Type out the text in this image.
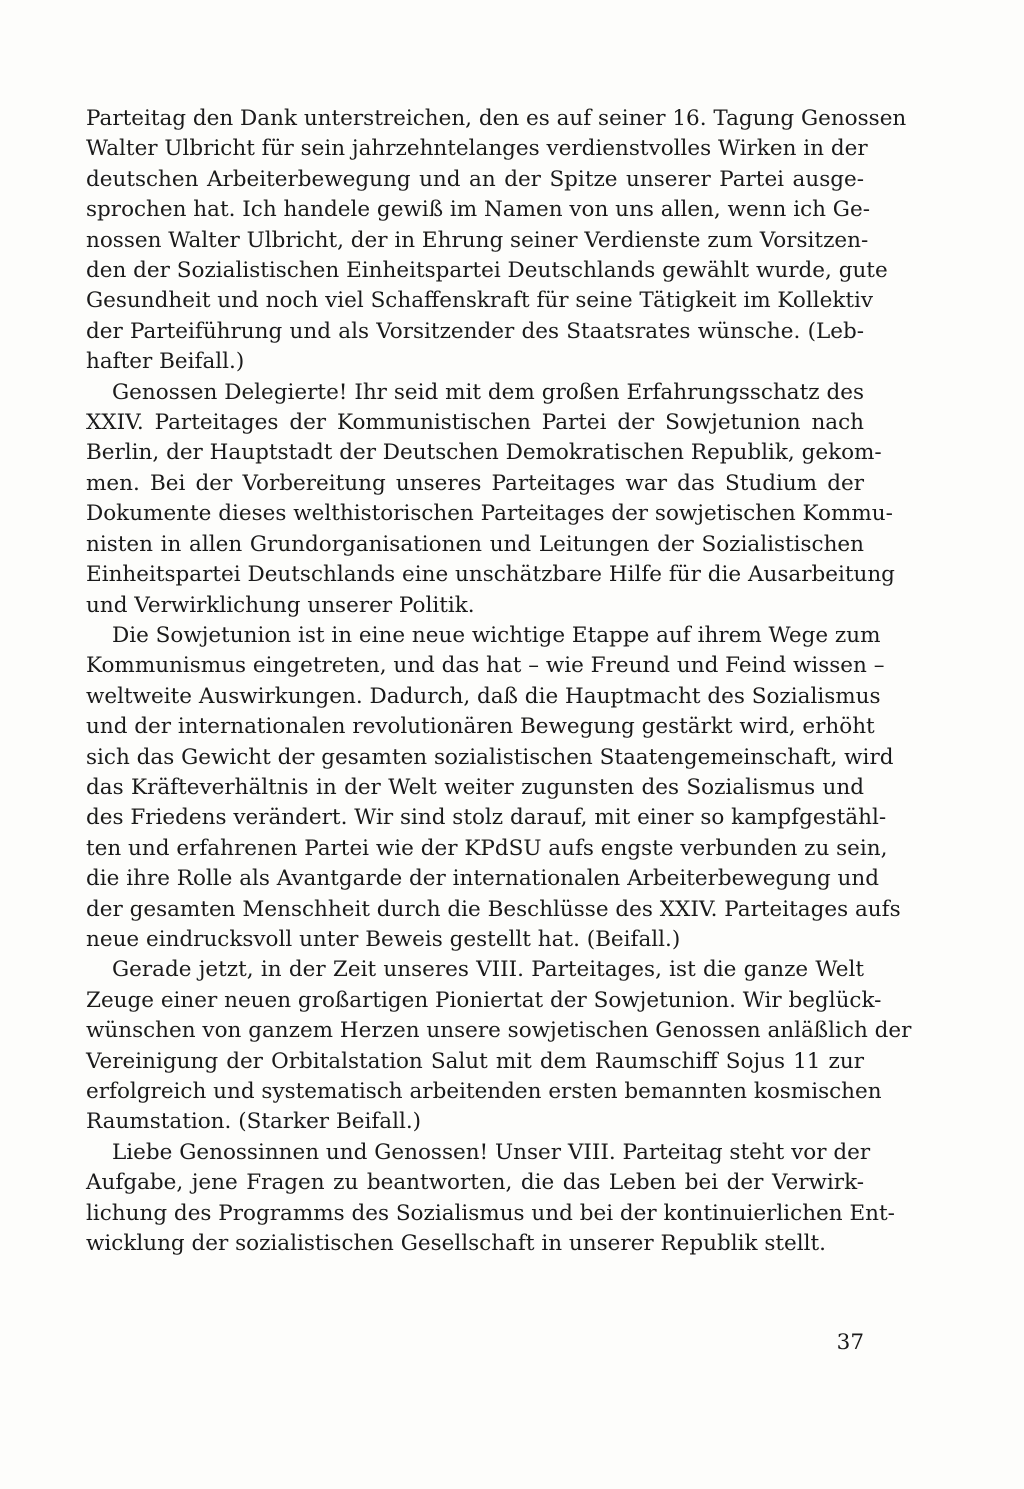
Parteitag den Dank unterstreichen, den es auf seiner 16. Tagung Genossen
Walter Ulbricht für sein jahrzehntelanges verdienstvolles Wirken in der
deutschen Arbeiterbewegung und an der Spitze unserer Partei ausge-
sprochen hat. Ich handele gewiß im Namen von uns allen, wenn ich Ge-
nossen Walter Ulbricht, der in Ehrung seiner Verdienste zum Vorsitzen-
den der Sozialistischen Einheitspartei Deutschlands gewählt wurde, gute
Gesundheit und noch viel Schaffenskraft für seine Tätigkeit im Kollektiv
der Parteiführung und als Vorsitzender des Staatsrates wünsche. (Leb-
hafter Beifall.)
Genossen Delegierte! Ihr seid mit dem großen Erfahrungsschatz des
XXIV. Parteitages der Kommunistischen Partei der Sowjetunion nach
Berlin, der Hauptstadt der Deutschen Demokratischen Republik, gekom-
men. Bei der Vorbereitung unseres Parteitages war das Studium der
Dokumente dieses welthistorischen Parteitages der sowjetischen Kommu-
nisten in allen Grundorganisationen und Leitungen der Sozialistischen
Einheitspartei Deutschlands eine unschätzbare Hilfe für die Ausarbeitung
und Verwirklichung unserer Politik.
Die Sowjetunion ist in eine neue wichtige Etappe auf ihrem Wege zum
Kommunismus eingetreten, und das hat – wie Freund und Feind wissen –
weltweite Auswirkungen. Dadurch, daß die Hauptmacht des Sozialismus
und der internationalen revolutionären Bewegung gestärkt wird, erhöht
sich das Gewicht der gesamten sozialistischen Staatengemeinschaft, wird
das Kräfteverhältnis in der Welt weiter zugunsten des Sozialismus und
des Friedens verändert. Wir sind stolz darauf, mit einer so kampfgestähl-
ten und erfahrenen Partei wie der KPdSU aufs engste verbunden zu sein,
die ihre Rolle als Avantgarde der internationalen Arbeiterbewegung und
der gesamten Menschheit durch die Beschlüsse des XXIV. Parteitages aufs
neue eindrucksvoll unter Beweis gestellt hat. (Beifall.)
Gerade jetzt, in der Zeit unseres VIII. Parteitages, ist die ganze Welt
Zeuge einer neuen großartigen Pioniertat der Sowjetunion. Wir beglück-
wünschen von ganzem Herzen unsere sowjetischen Genossen anläßlich der
Vereinigung der Orbitalstation Salut mit dem Raumschiff Sojus 11 zur
erfolgreich und systematisch arbeitenden ersten bemannten kosmischen
Raumstation. (Starker Beifall.)
Liebe Genossinnen und Genossen! Unser VIII. Parteitag steht vor der
Aufgabe, jene Fragen zu beantworten, die das Leben bei der Verwirk-
lichung des Programms des Sozialismus und bei der kontinuierlichen Ent-
wicklung der sozialistischen Gesellschaft in unserer Republik stellt.
37
